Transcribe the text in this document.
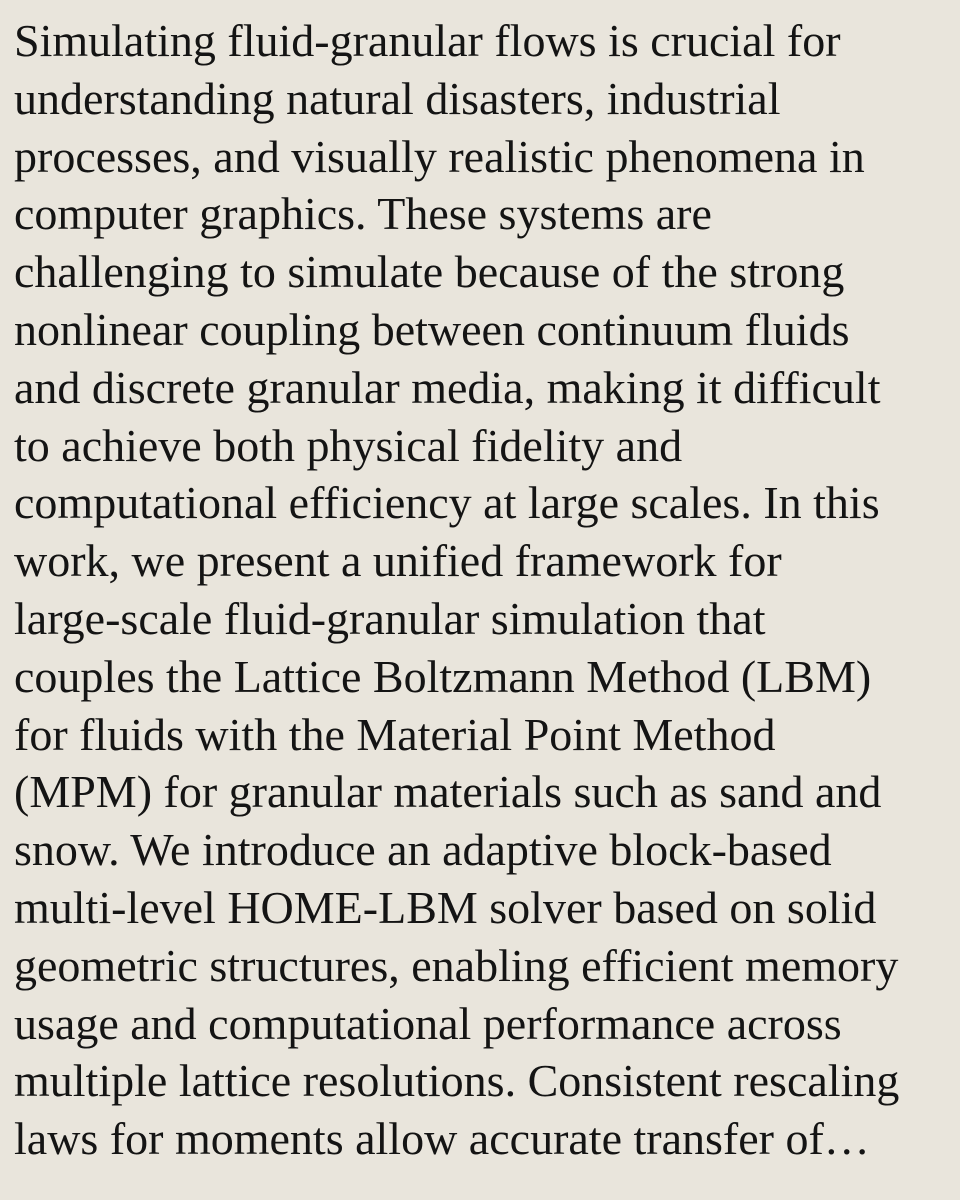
Simulating fluid-granular flows is crucial for
understanding natural disasters, industrial
processes, and visually realistic phenomena in
computer graphics. These systems are
challenging to simulate because of the strong
nonlinear coupling between continuum fluids
and discrete granular media, making it difficult
to achieve both physical fidelity and
computational efficiency at large scales. In this
work, we present a unified framework for
large-scale fluid-granular simulation that
couples the Lattice Boltzmann Method (LBM)
for fluids with the Material Point Method
(MPM) for granular materials such as sand and
snow. We introduce an adaptive block-based
multi-level HOME-LBM solver based on solid
geometric structures, enabling efficient memory
usage and computational performance across
multiple lattice resolutions. Consistent rescaling
laws for moments allow accurate transfer of…
